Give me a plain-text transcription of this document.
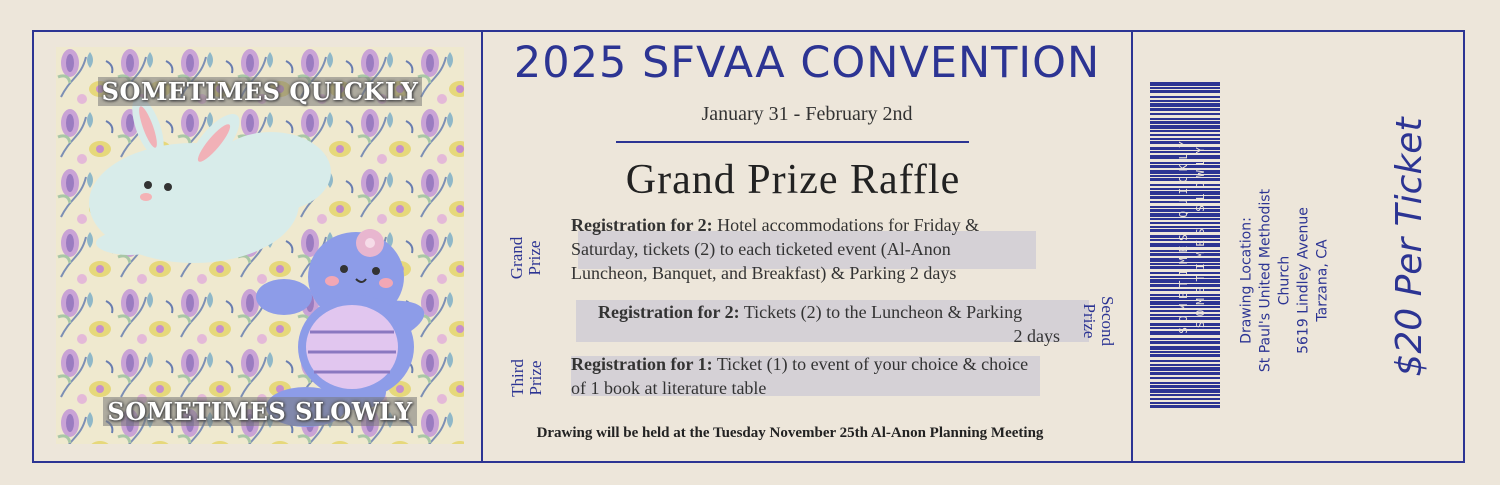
SOMETIMES QUICKLY
SOMETIMES SLOWLY
2025 SFVAA CONVENTION
January 31 - February 2nd
Grand Prize Raffle
Grand Prize
Registration for 2: Hotel accommodations for Friday & Saturday, tickets (2) to each ticketed event (Al-Anon Luncheon, Banquet, and Breakfast) & Parking 2 days
Registration for 2: Tickets (2) to the Luncheon & Parking
2 days Second
Prize
Third Prize Registration for 1: Ticket (1) to event of your choice & choice of 1 book at literature table
Drawing will be held at the Tuesday November 25th Al-Anon Planning Meeting
SOMETIMES QUICKLY SOMETIMES SLOWLY Drawing Location: St Paul's United Methodist Church 5619 Lindley Avenue Tarzana, CA	$20 Per Ticket
